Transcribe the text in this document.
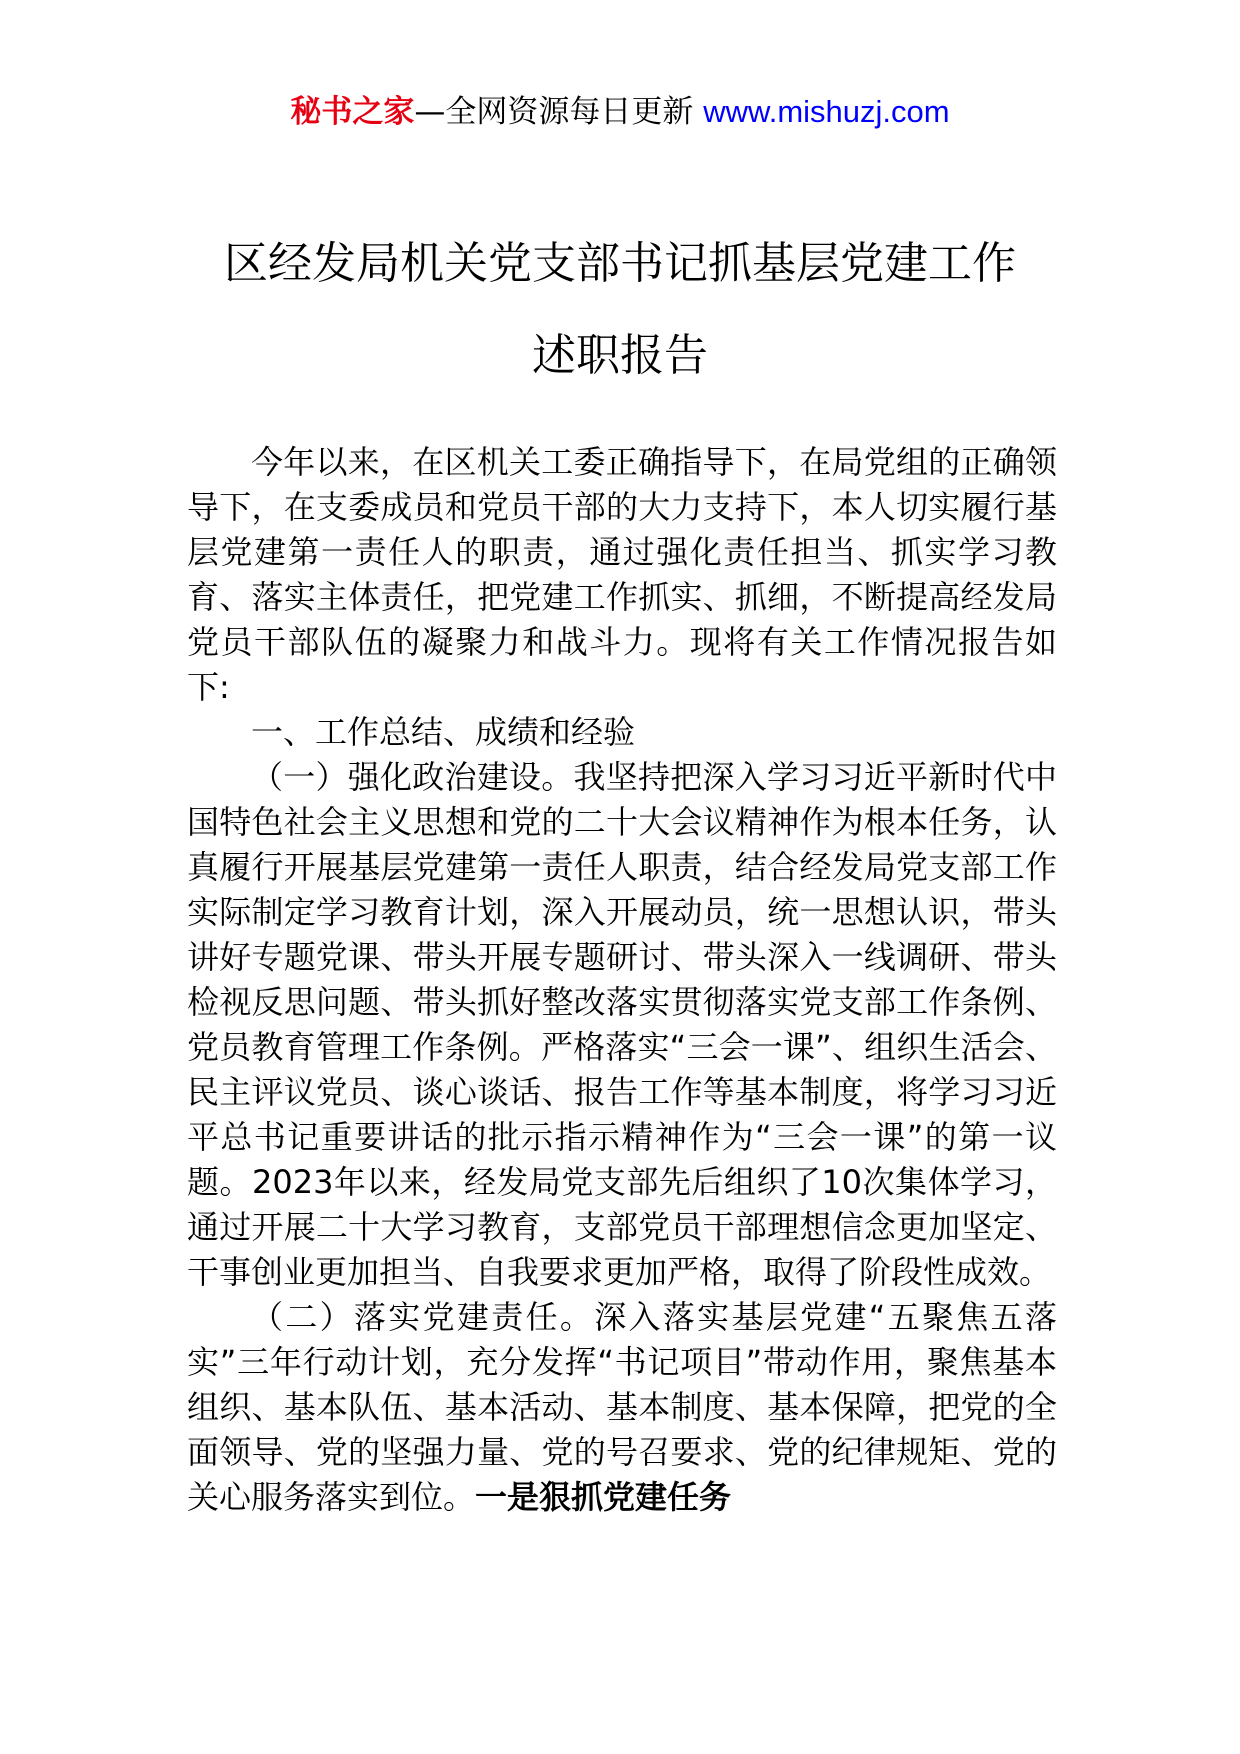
秘书之家—全网资源每日更新 www.mishuzj.com
区经发局机关党支部书记抓基层党建工作
述职报告

今年以来，在区机关工委正确指导下，在局党组的正确领导下，在支委成员和党员干部的大力支持下，本人切实履行基层党建第一责任人的职责，通过强化责任担当、抓实学习教育、落实主体责任，把党建工作抓实、抓细，不断提高经发局党员干部队伍的凝聚力和战斗力。现将有关工作情况报告如下:

一、工作总结、成绩和经验

（一）强化政治建设。我坚持把深入学习习近平新时代中国特色社会主义思想和党的二十大会议精神作为根本任务，认真履行开展基层党建第一责任人职责，结合经发局党支部工作实际制定学习教育计划，深入开展动员，统一思想认识，带头讲好专题党课、带头开展专题研讨、带头深入一线调研、带头检视反思问题、带头抓好整改落实贯彻落实党支部工作条例、党员教育管理工作条例。严格落实“三会一课”、组织生活会、民主评议党员、谈心谈话、报告工作等基本制度，将学习习近平总书记重要讲话的批示指示精神作为“三会一课”的第一议题。2023年以来，经发局党支部先后组织了10次集体学习，通过开展二十大学习教育，支部党员干部理想信念更加坚定、干事创业更加担当、自我要求更加严格，取得了阶段性成效。

（二）落实党建责任。深入落实基层党建“五聚焦五落实”三年行动计划，充分发挥“书记项目”带动作用，聚焦基本组织、基本队伍、基本活动、基本制度、基本保障，把党的全面领导、党的坚强力量、党的号召要求、党的纪律规矩、党的关心服务落实到位。一是狠抓党建任务
